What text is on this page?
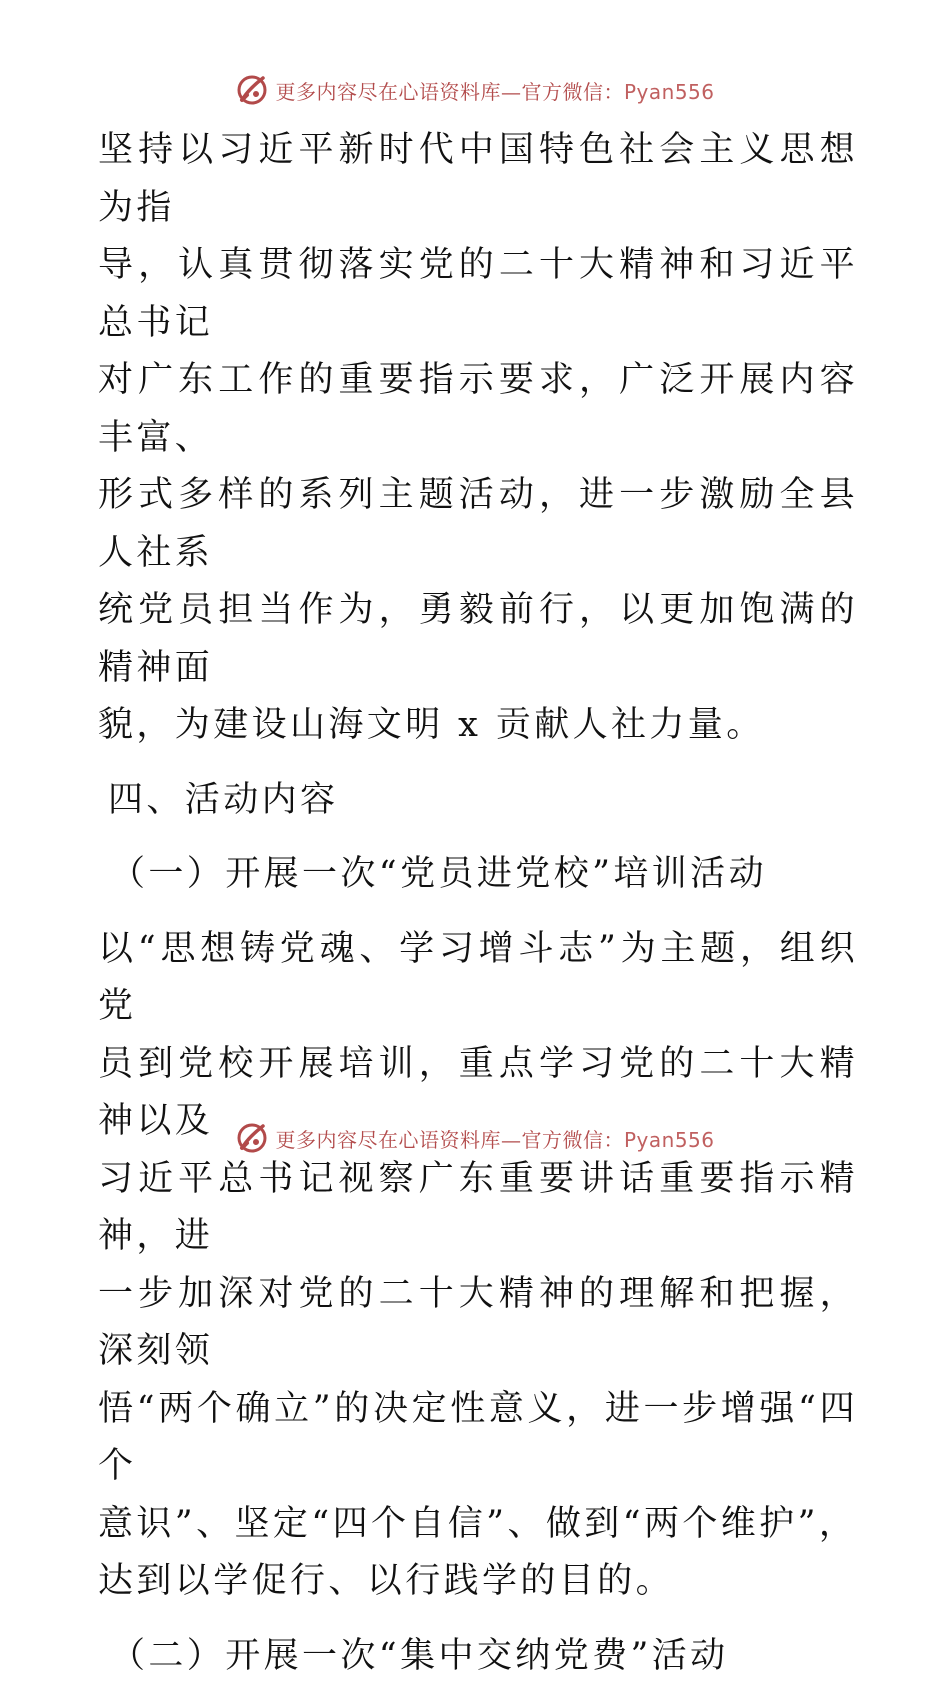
更多内容尽在心语资料库—官方微信：Pyan556

坚持以习近平新时代中国特色社会主义思想为指

导，认真贯彻落实党的二十大精神和习近平总书记

对广东工作的重要指示要求，广泛开展内容丰富、

形式多样的系列主题活动，进一步激励全县人社系

统党员担当作为，勇毅前行，以更加饱满的精神面

貌，为建设山海文明 x 贡献人社力量。

四、活动内容

（一）开展一次“党员进党校”培训活动

以“思想铸党魂、学习增斗志”为主题，组织党

员到党校开展培训，重点学习党的二十大精神以及

习近平总书记视察广东重要讲话重要指示精神，进

一步加深对党的二十大精神的理解和把握，深刻领

悟“两个确立”的决定性意义，进一步增强“四个

意识”、坚定“四个自信”、做到“两个维护”，

达到以学促行、以行践学的目的。

（二）开展一次“集中交纳党费”活动

更多内容尽在心语资料库—官方微信：Pyan556
